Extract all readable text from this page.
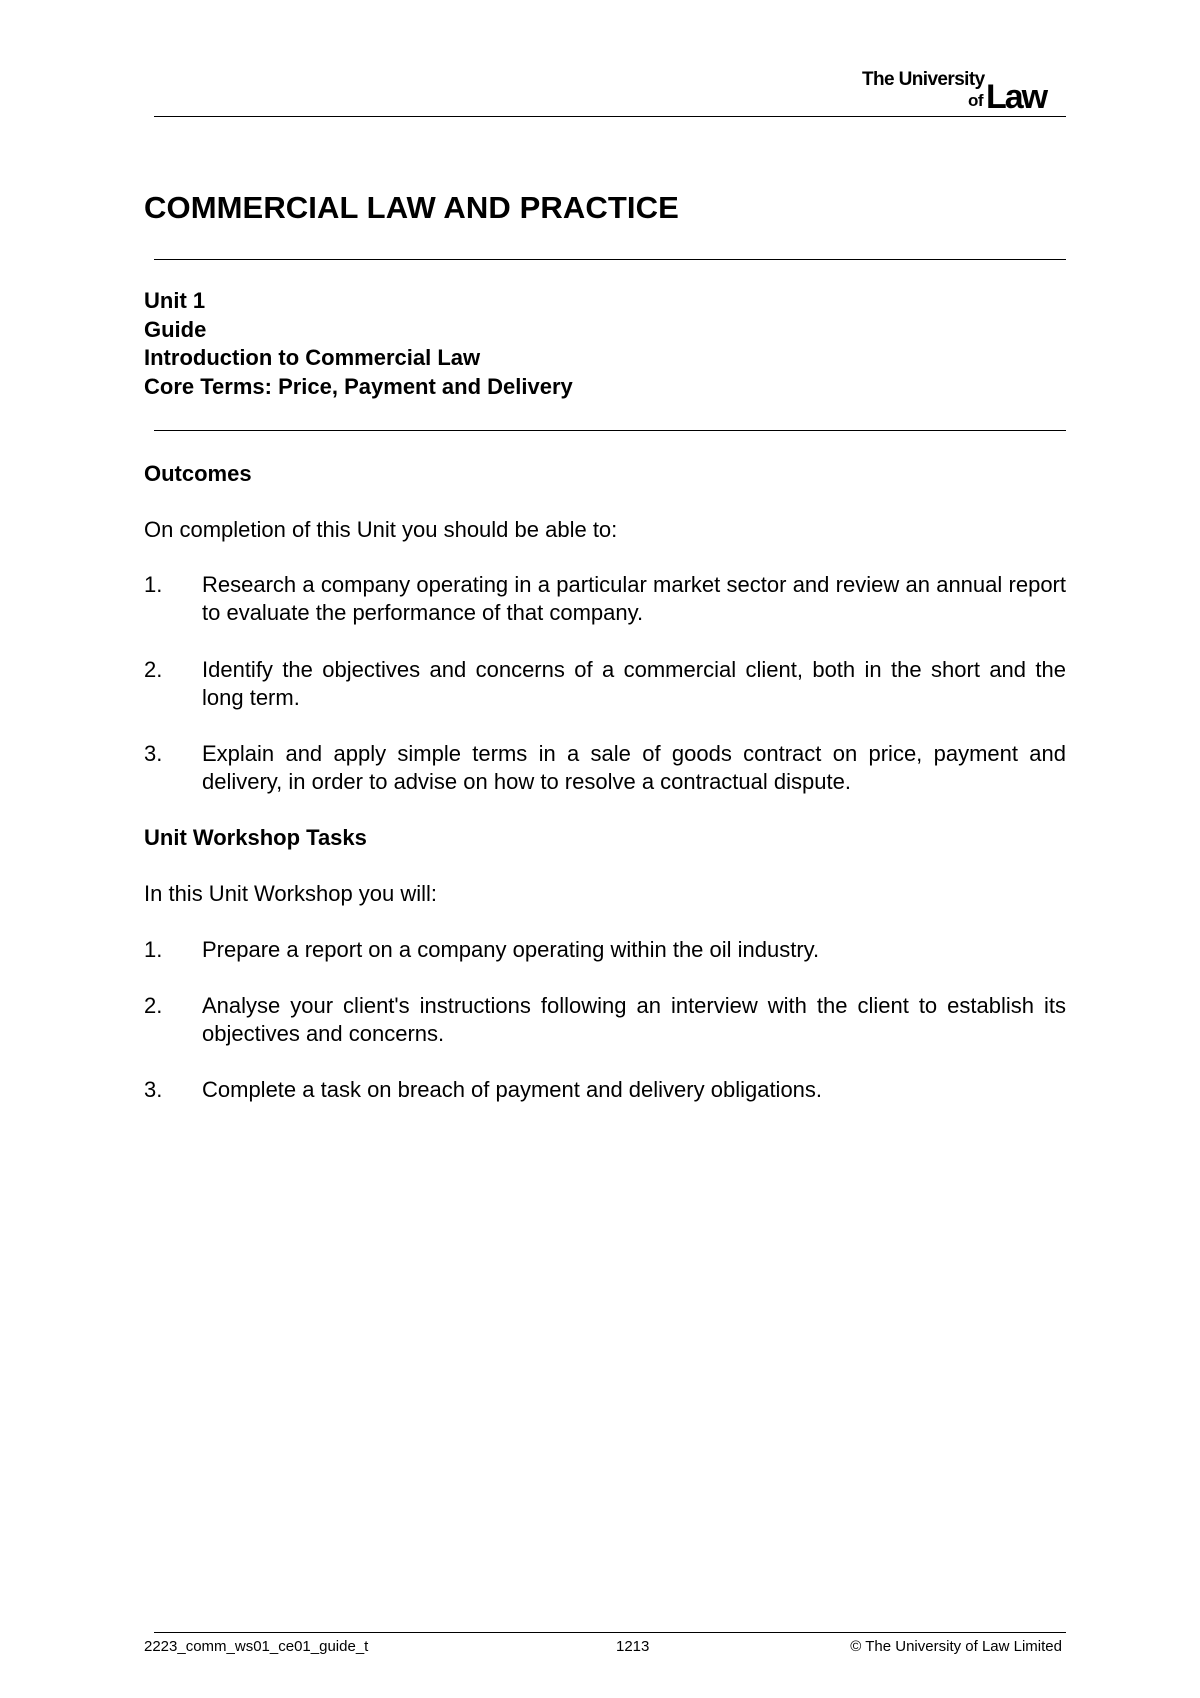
The University
of Law
COMMERCIAL LAW AND PRACTICE
Unit 1
Guide
Introduction to Commercial Law
Core Terms: Price, Payment and Delivery
Outcomes

On completion of this Unit you should be able to:

1. Research a company operating in a particular market sector and review an annual report to evaluate the performance of that company.
2. Identify the objectives and concerns of a commercial client, both in the short and the long term.
3. Explain and apply simple terms in a sale of goods contract on price, payment and delivery, in order to advise on how to resolve a contractual dispute.
Unit Workshop Tasks

In this Unit Workshop you will:

1. Prepare a report on a company operating within the oil industry.
2. Analyse your client's instructions following an interview with the client to establish its objectives and concerns.
3. Complete a task on breach of payment and delivery obligations.
2223_comm_ws01_ce01_guide_t	1213	© The University of Law Limited
